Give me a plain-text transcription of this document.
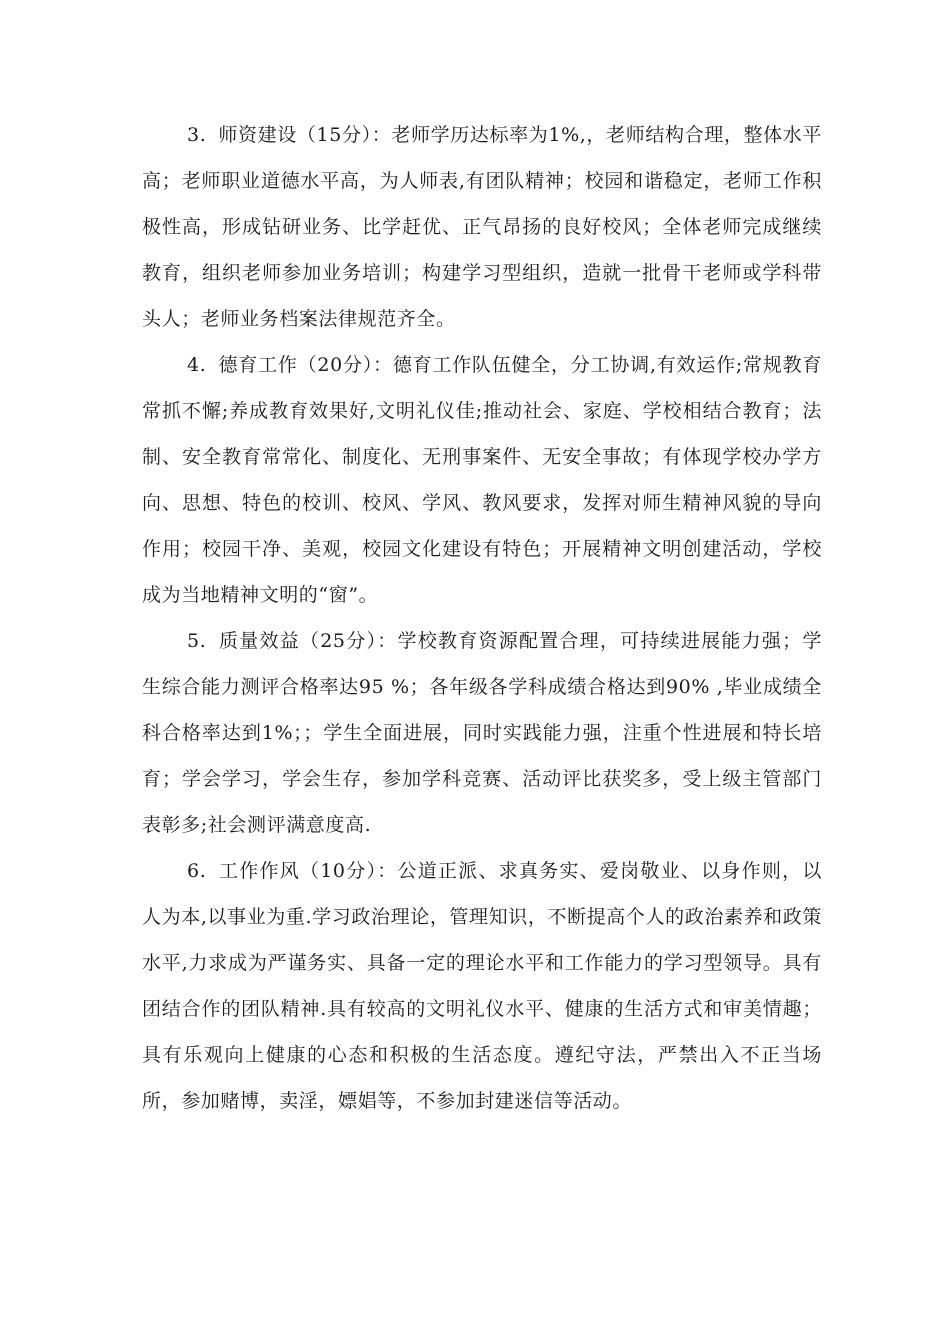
3. 师资建设（15分）：老师学历达标率为1%,，老师结构合理，整体水平高；老师职业道德水平高，为人师表,有团队精神；校园和谐稳定，老师工作积极性高，形成钻研业务、比学赶优、正气昂扬的良好校风；全体老师完成继续教育，组织老师参加业务培训；构建学习型组织，造就一批骨干老师或学科带头人；老师业务档案法律规范齐全。

4. 德育工作（20分）：德育工作队伍健全，分工协调,有效运作;常规教育常抓不懈;养成教育效果好,文明礼仪佳;推动社会、家庭、学校相结合教育；法制、安全教育常常化、制度化、无刑事案件、无安全事故；有体现学校办学方向、思想、特色的校训、校风、学风、教风要求，发挥对师生精神风貌的导向作用；校园干净、美观，校园文化建设有特色；开展精神文明创建活动，学校成为当地精神文明的“窗”。

5. 质量效益（25分）：学校教育资源配置合理，可持续进展能力强；学生综合能力测评合格率达95 %；各年级各学科成绩合格达到90% ,毕业成绩全科合格率达到1%；；学生全面进展，同时实践能力强，注重个性进展和特长培育；学会学习，学会生存，参加学科竞赛、活动评比获奖多，受上级主管部门表彰多;社会测评满意度高.

6. 工作作风（10分）：公道正派、求真务实、爱岗敬业、以身作则，以人为本,以事业为重.学习政治理论，管理知识，不断提高个人的政治素养和政策水平,力求成为严谨务实、具备一定的理论水平和工作能力的学习型领导。具有团结合作的团队精神.具有较高的文明礼仪水平、健康的生活方式和审美情趣；具有乐观向上健康的心态和积极的生活态度。遵纪守法，严禁出入不正当场所，参加赌博，卖淫，嫖娼等，不参加封建迷信等活动。
